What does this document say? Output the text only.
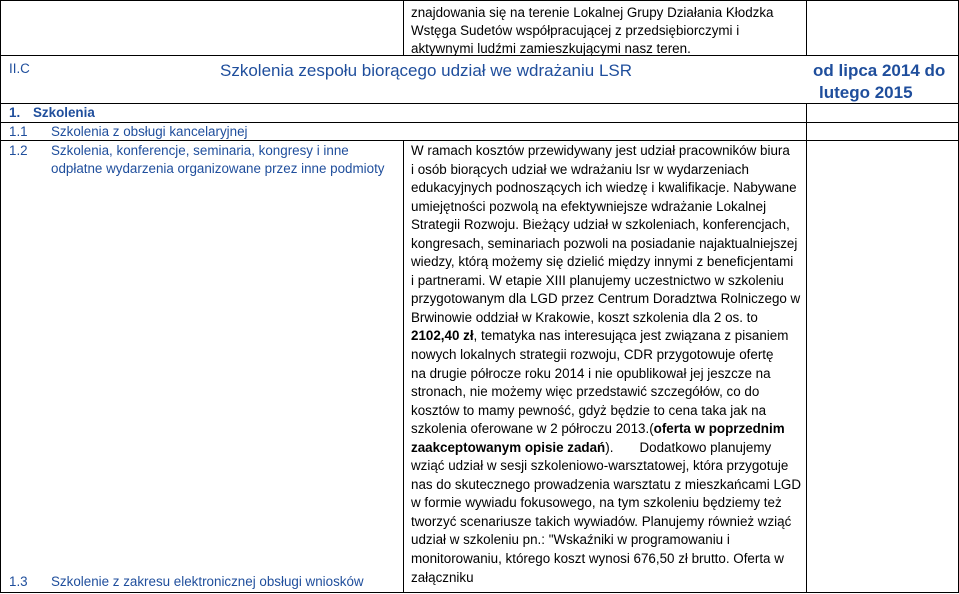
znajdowania się na terenie Lokalnej Grupy Działania Kłodzka
Wstęga Sudetów współpracującej z przedsiębiorczymi i
aktywnymi ludźmi zamieszkującymi nasz teren.
II.C	Szkolenia zespołu biorącego udział we wdrażaniu LSR	od lipca 2014 do
lutego 2015
1. Szkolenia
1.1 Szkolenia z obsługi kancelaryjnej
1.2 Szkolenia, konferencje, seminaria, kongresy i inne
odpłatne wydarzenia organizowane przez inne podmioty
1.3 Szkolenie z zakresu elektronicznej obsługi wniosków

W ramach kosztów przewidywany jest udział pracowników biura

i osób biorących udział we wdrażaniu lsr w wydarzeniach

edukacyjnych podnoszących ich wiedzę i kwalifikacje. Nabywane

umiejętności pozwolą na efektywniejsze wdrażanie Lokalnej

Strategii Rozwoju. Bieżący udział w szkoleniach, konferencjach,

kongresach, seminariach pozwoli na posiadanie najaktualniejszej

wiedzy, którą możemy się dzielić między innymi z beneficjentami

i partnerami. W etapie XIII planujemy uczestnictwo w szkoleniu

przygotowanym dla LGD przez Centrum Doradztwa Rolniczego w

Brwinowie oddział w Krakowie, koszt szkolenia dla 2 os. to

2102,40 zł, tematyka nas interesująca jest związana z pisaniem

nowych lokalnych strategii rozwoju, CDR przygotowuje ofertę

na drugie półrocze roku 2014 i nie opublikował jej jeszcze na

stronach, nie możemy więc przedstawić szczegółów, co do

kosztów to mamy pewność, gdyż będzie to cena taka jak na

szkolenia oferowane w 2 półroczu 2013.(oferta w poprzednim

zaakceptowanym opisie zadań).       Dodatkowo planujemy

wziąć udział w sesji szkoleniowo-warsztatowej, która przygotuje

nas do skutecznego prowadzenia warsztatu z mieszkańcami LGD

w formie wywiadu fokusowego, na tym szkoleniu będziemy też

tworzyć scenariusze takich wywiadów. Planujemy również wziąć

udział w szkoleniu pn.: "Wskaźniki w programowaniu i

monitorowaniu, którego koszt wynosi 676,50 zł brutto. Oferta w

załączniku
